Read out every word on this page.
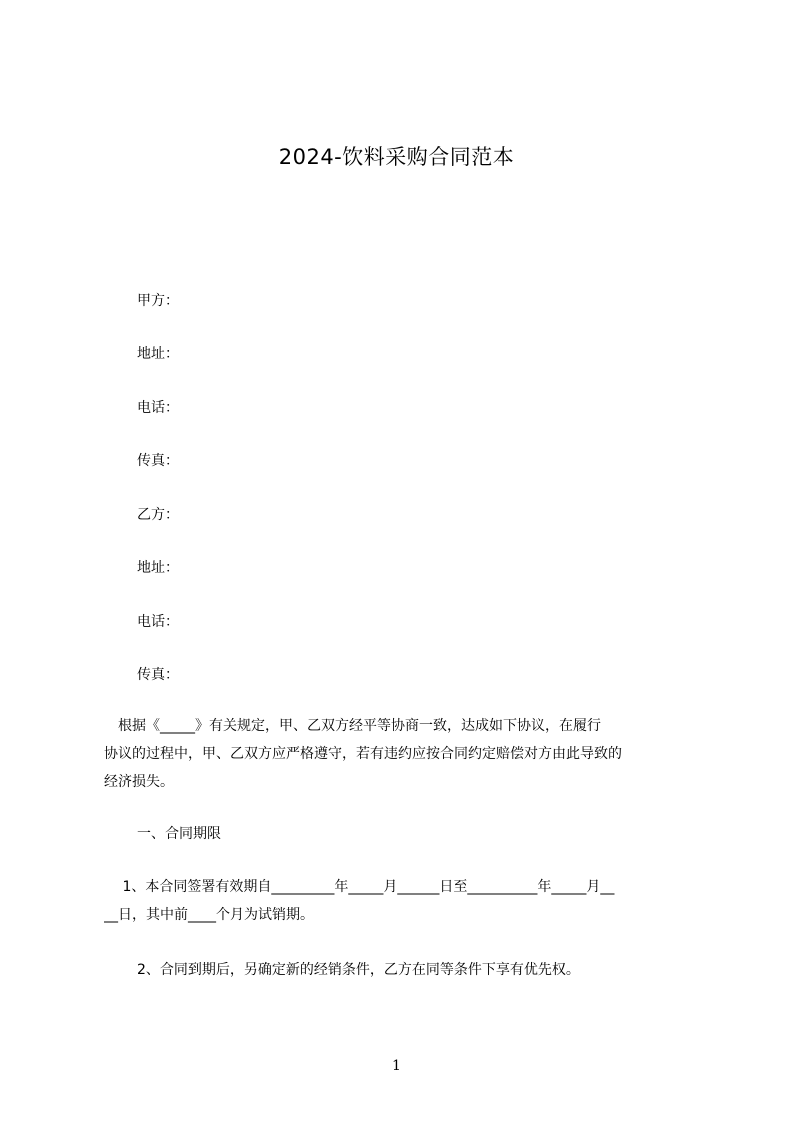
2024-饮料采购合同范本
甲方：
地址：
电话：
传真：
乙方：
地址：
电话：
传真：
　根据《_____》有关规定，甲、乙双方经平等协商一致，达成如下协议，在履行
协议的过程中，甲、乙双方应严格遵守，若有违约应按合同约定赔偿对方由此导致的
经济损失。
一、合同期限
　 1、本合同签署有效期自_________年_____月______日至__________年_____月__
__日，其中前____个月为试销期。
2、合同到期后，另确定新的经销条件，乙方在同等条件下享有优先权。
1
